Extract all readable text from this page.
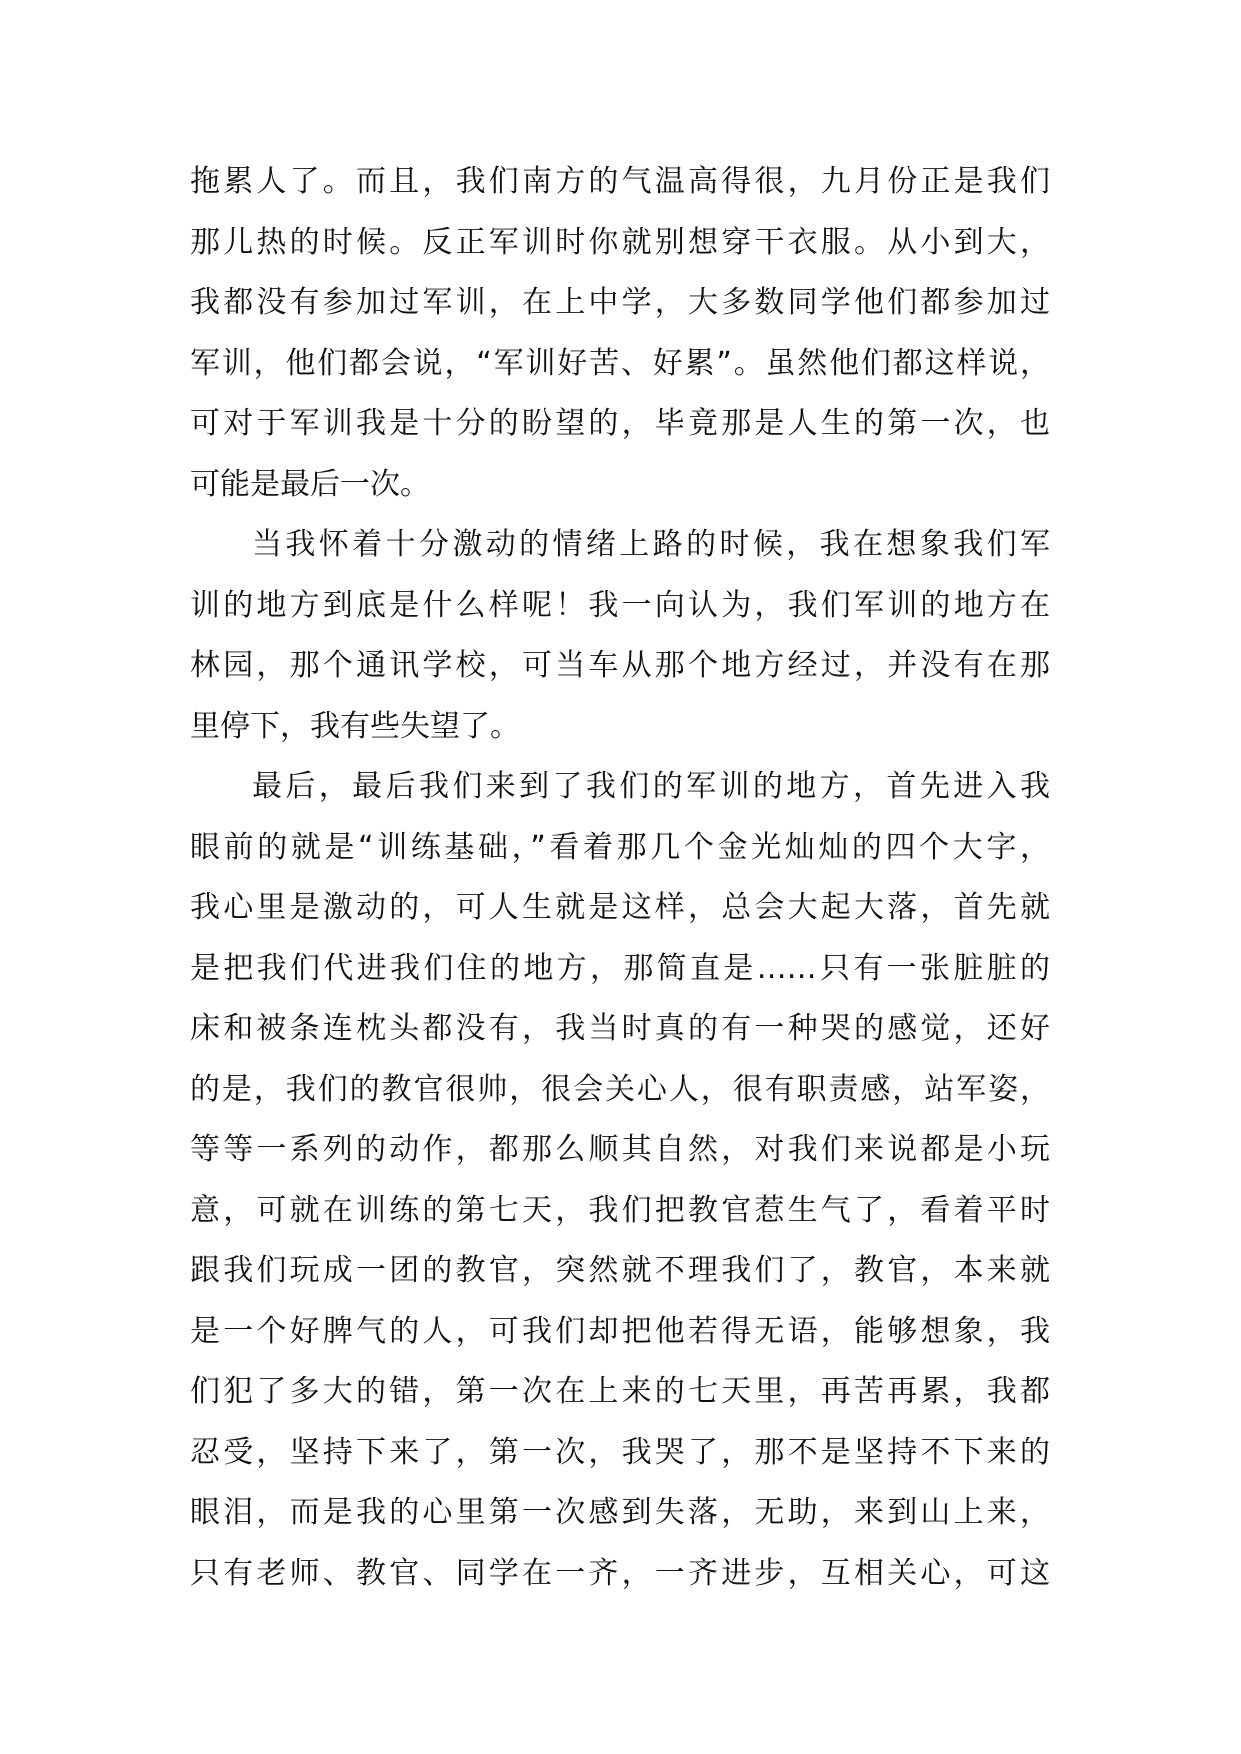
拖累人了。而且，我们南方的气温高得很，九月份正是我们
那儿热的时候。反正军训时你就别想穿干衣服。从小到大，
我都没有参加过军训，在上中学，大多数同学他们都参加过
军训，他们都会说，“军训好苦、好累”。虽然他们都这样说，
可对于军训我是十分的盼望的，毕竟那是人生的第一次，也
可能是最后一次。
当我怀着十分激动的情绪上路的时候，我在想象我们军
训的地方到底是什么样呢！我一向认为，我们军训的地方在
林园，那个通讯学校，可当车从那个地方经过，并没有在那
里停下，我有些失望了。
最后，最后我们来到了我们的军训的地方，首先进入我
眼前的就是“训练基础，”看着那几个金光灿灿的四个大字，
我心里是激动的，可人生就是这样，总会大起大落，首先就
是把我们代进我们住的地方，那简直是……只有一张脏脏的
床和被条连枕头都没有，我当时真的有一种哭的感觉，还好
的是，我们的教官很帅，很会关心人，很有职责感，站军姿，
等等一系列的动作，都那么顺其自然，对我们来说都是小玩
意，可就在训练的第七天，我们把教官惹生气了，看着平时
跟我们玩成一团的教官，突然就不理我们了，教官，本来就
是一个好脾气的人，可我们却把他若得无语，能够想象，我
们犯了多大的错，第一次在上来的七天里，再苦再累，我都
忍受，坚持下来了，第一次，我哭了，那不是坚持不下来的
眼泪，而是我的心里第一次感到失落，无助，来到山上来，
只有老师、教官、同学在一齐，一齐进步，互相关心，可这
